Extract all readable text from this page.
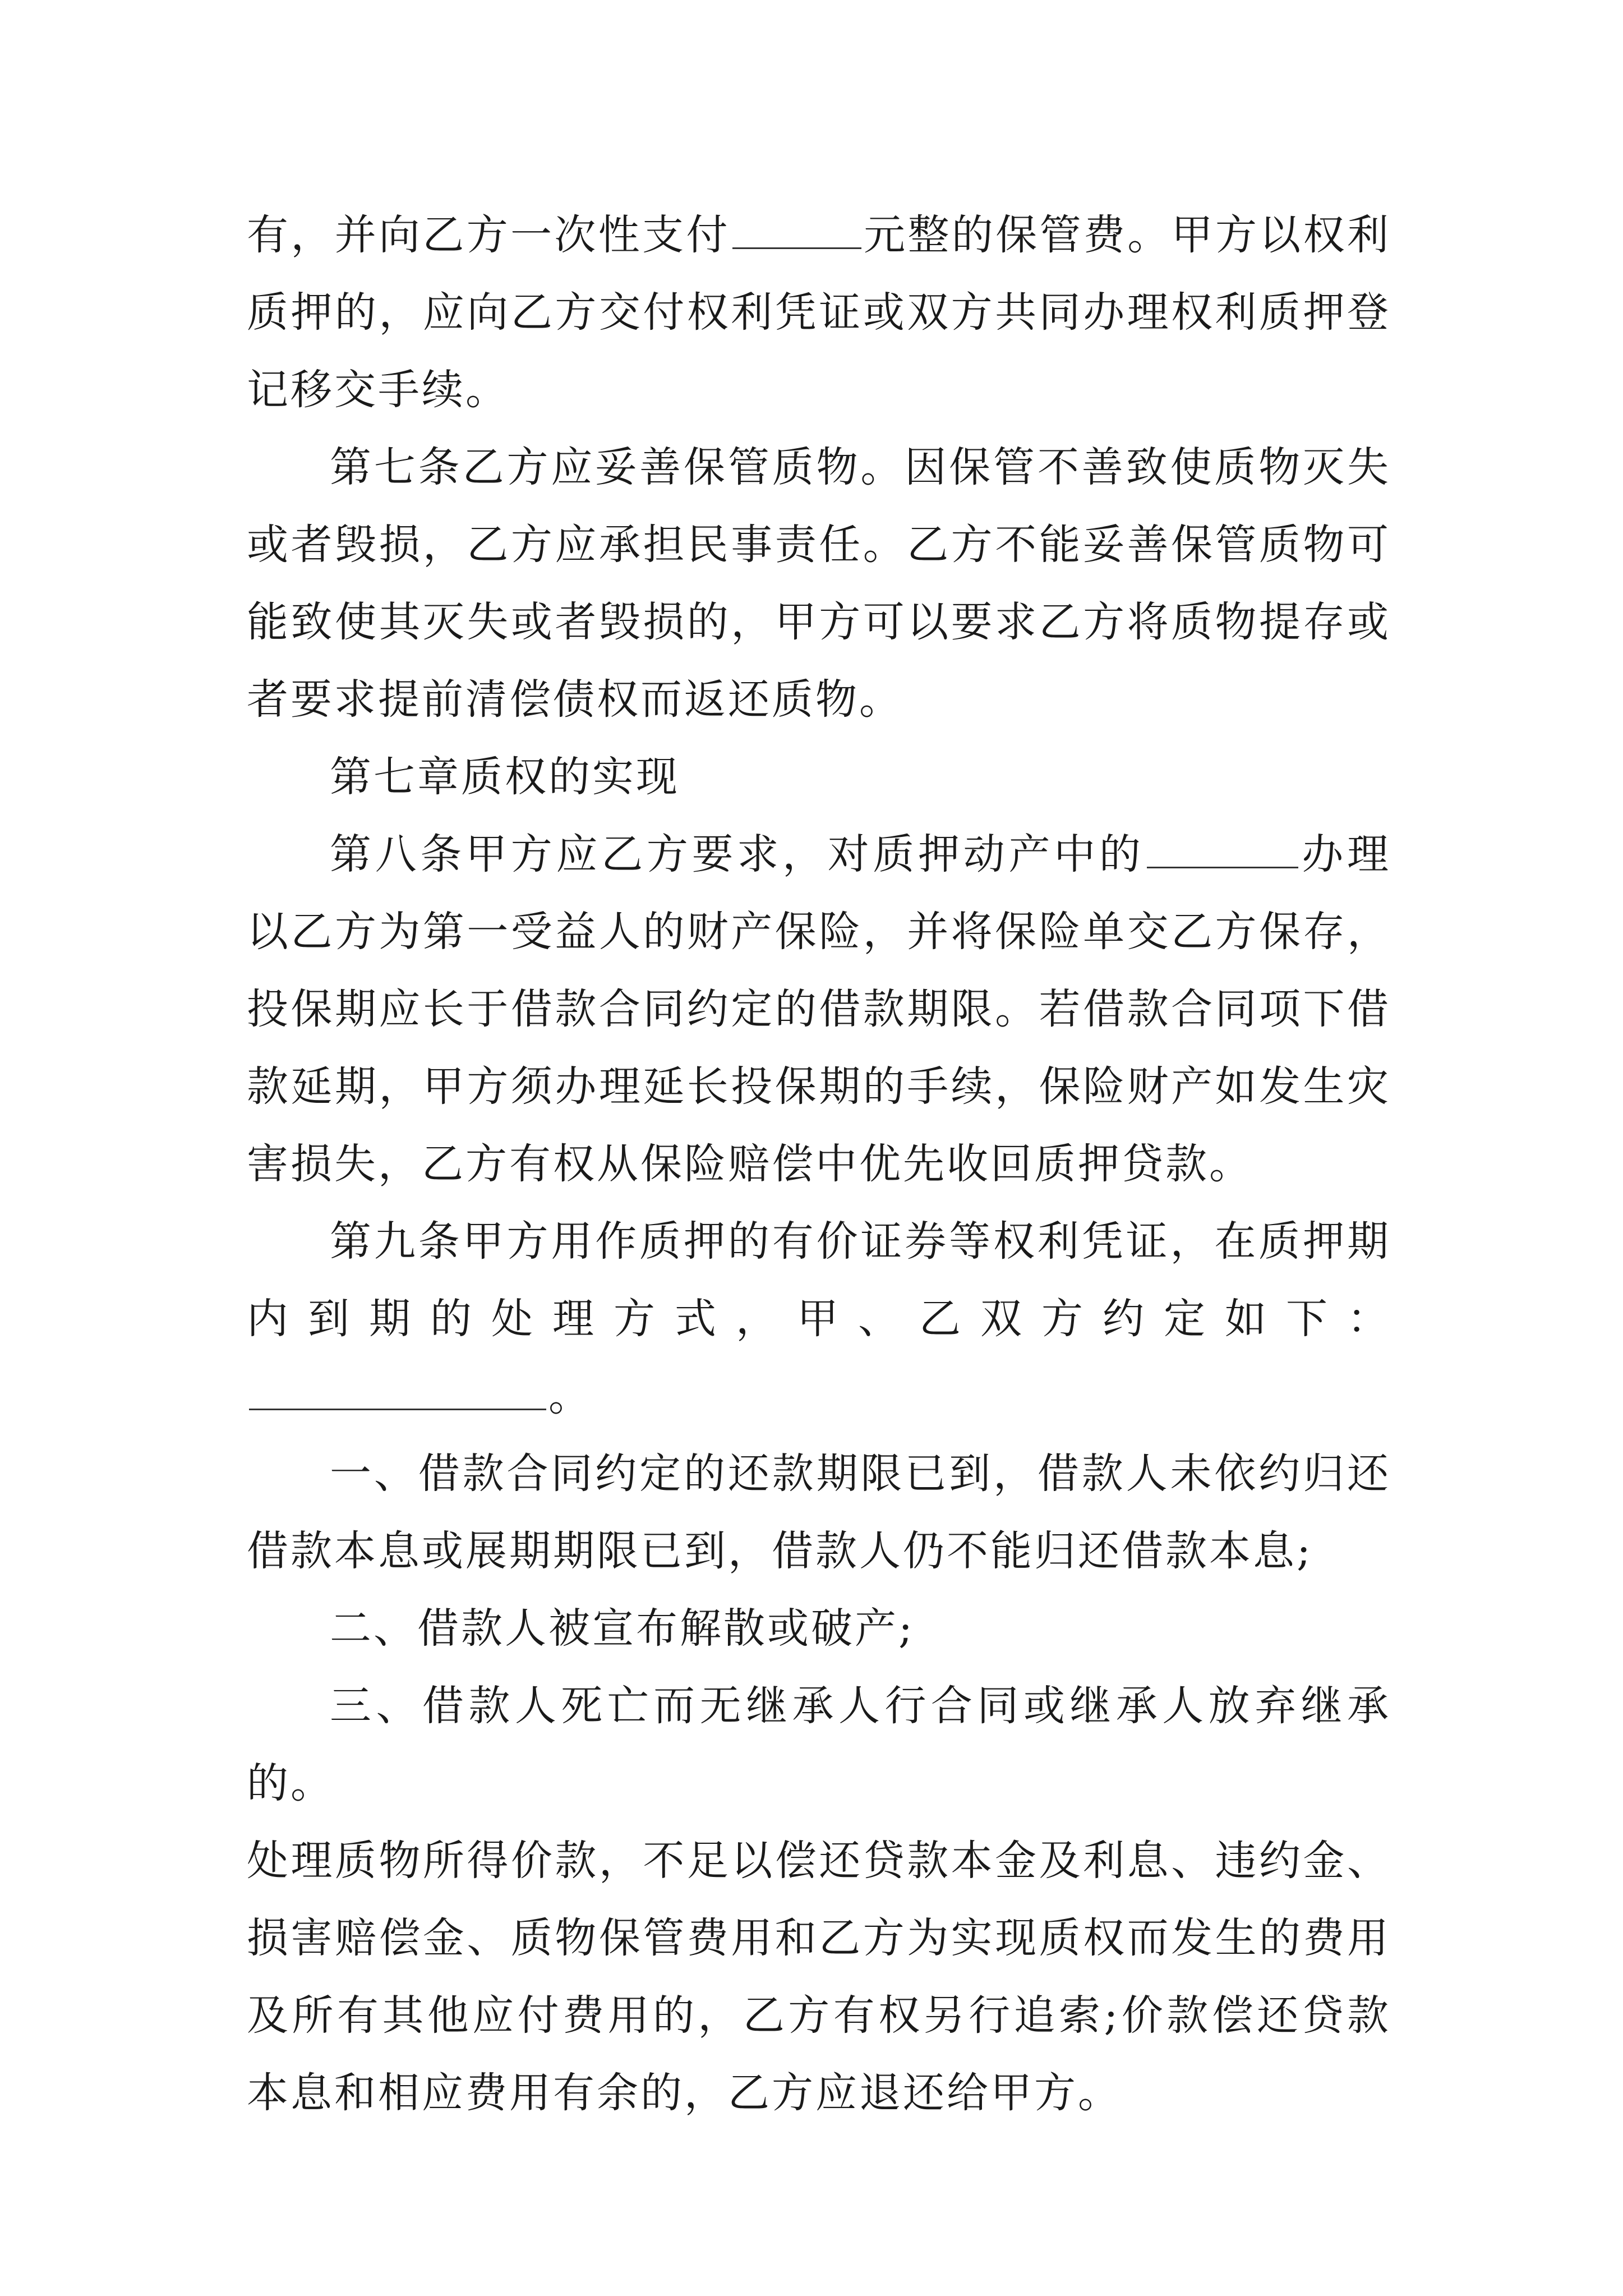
有，并向乙方一次性支付	元整的保管费。甲方以权利质押的，应向乙方交付权利凭证或双方共同办理权利质押登记移交手续。

第七条乙方应妥善保管质物。因保管不善致使质物灭失或者毁损，乙方应承担民事责任。乙方不能妥善保管质物可能致使其灭失或者毁损的，甲方可以要求乙方将质物提存或者要求提前清偿债权而返还质物。

第七章质权的实现

第八条甲方应乙方要求，对质押动产中的	办理以乙方为第一受益人的财产保险，并将保险单交乙方保存，投保期应长于借款合同约定的借款期限。若借款合同项下借款延期，甲方须办理延长投保期的手续，保险财产如发生灾害损失，乙方有权从保险赔偿中优先收回质押贷款。

第九条甲方用作质押的有价证券等权利凭证，在质押期

内到期的处理方式，甲、乙双方约定如下：

。

一、借款合同约定的还款期限已到，借款人未依约归还借款本息或展期期限已到，借款人仍不能归还借款本息;

二、借款人被宣布解散或破产;

三、借款人死亡而无继承人行合同或继承人放弃继承的。

处理质物所得价款，不足以偿还贷款本金及利息、违约金、损害赔偿金、质物保管费用和乙方为实现质权而发生的费用及所有其他应付费用的，乙方有权另行追索;价款偿还贷款本息和相应费用有余的，乙方应退还给甲方。
